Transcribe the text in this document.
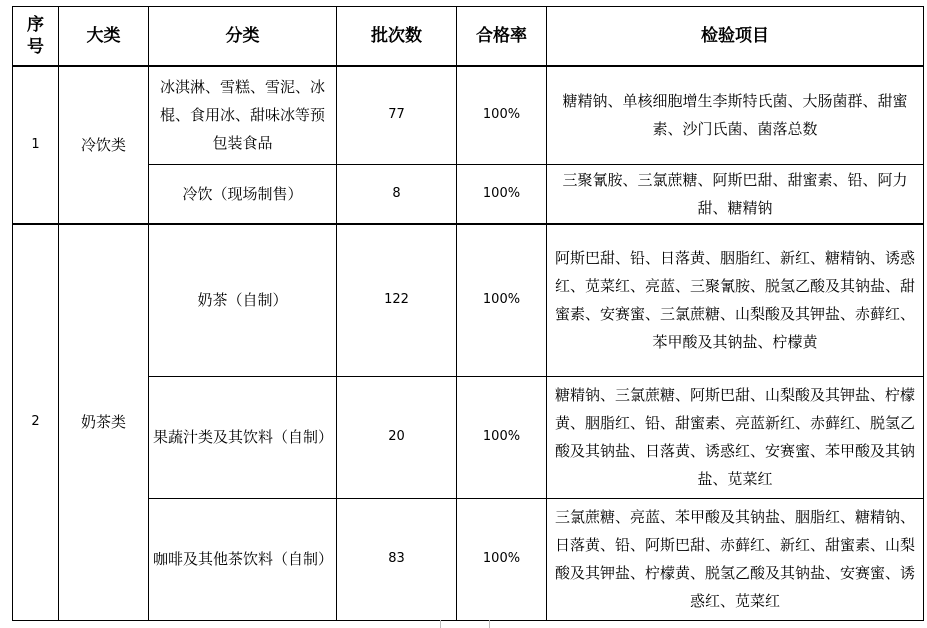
序号	大类	分类	批次数	合格率	检验项目
1	冷饮类	冰淇淋、雪糕、雪泥、冰棍、食用冰、甜味冰等预包装食品	77	100%	糖精钠、单核细胞增生李斯特氏菌、大肠菌群、甜蜜素、沙门氏菌、菌落总数
		冷饮（现场制售）	8	100%	三聚氰胺、三氯蔗糖、阿斯巴甜、甜蜜素、铅、阿力甜、糖精钠
2	奶茶类	奶茶（自制）	122	100%	阿斯巴甜、铅、日落黄、胭脂红、新红、糖精钠、诱惑红、苋菜红、亮蓝、三聚氰胺、脱氢乙酸及其钠盐、甜蜜素、安赛蜜、三氯蔗糖、山梨酸及其钾盐、赤藓红、苯甲酸及其钠盐、柠檬黄
		果蔬汁类及其饮料（自制）	20	100%	糖精钠、三氯蔗糖、阿斯巴甜、山梨酸及其钾盐、柠檬黄、胭脂红、铅、甜蜜素、亮蓝新红、赤藓红、脱氢乙酸及其钠盐、日落黄、诱惑红、安赛蜜、苯甲酸及其钠盐、苋菜红
		咖啡及其他茶饮料（自制）	83	100%	三氯蔗糖、亮蓝、苯甲酸及其钠盐、胭脂红、糖精钠、日落黄、铅、阿斯巴甜、赤藓红、新红、甜蜜素、山梨酸及其钾盐、柠檬黄、脱氢乙酸及其钠盐、安赛蜜、诱惑红、苋菜红
